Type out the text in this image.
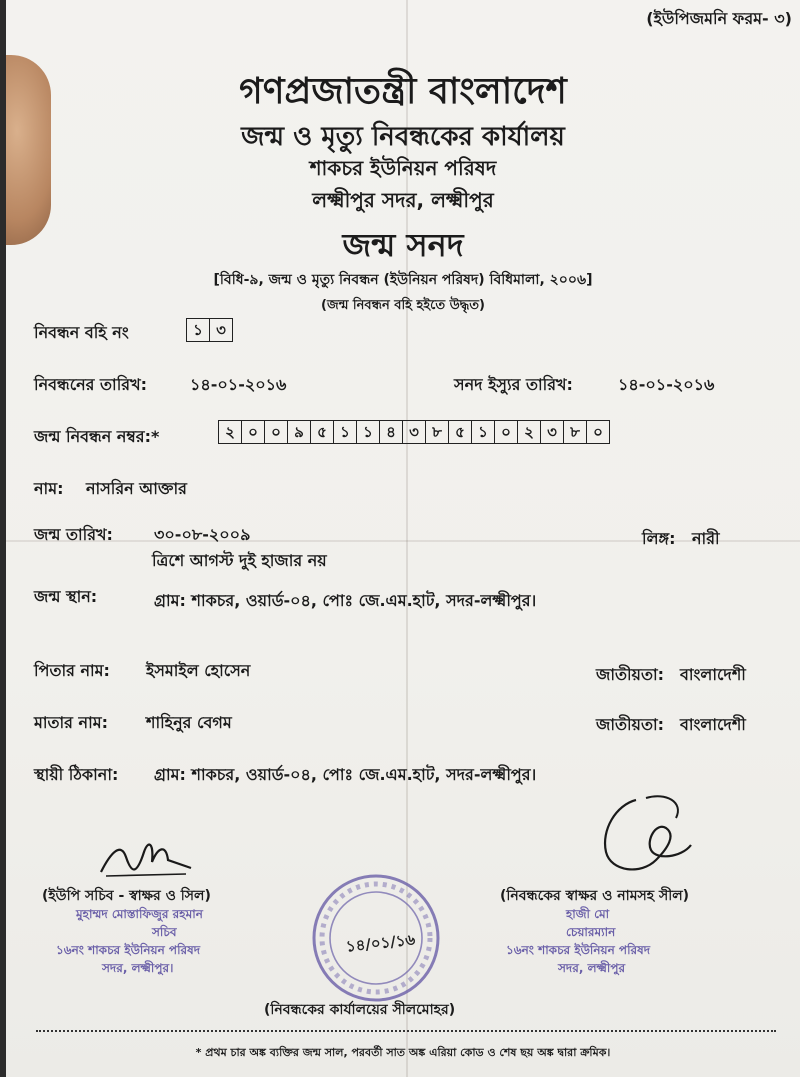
(ইউপিজমনি ফরম- ৩)
গণপ্রজাতন্ত্রী বাংলাদেশ
জন্ম ও মৃত্যু নিবন্ধকের কার্যালয়
শাকচর ইউনিয়ন পরিষদ
লক্ষ্মীপুর সদর, লক্ষ্মীপুর
জন্ম সনদ
[বিধি-৯, জন্ম ও মৃত্যু নিবন্ধন (ইউনিয়ন পরিষদ) বিধিমালা, ২০০৬]
(জন্ম নিবন্ধন বহি হইতে উদ্ধৃত)
নিবন্ধন বহি নং	১ ৩
নিবন্ধনের তারিখ:	১৪-০১-২০১৬	সনদ ইস্যুর তারিখ:	১৪-০১-২০১৬
জন্ম নিবন্ধন নম্বর:*	২ ০ ০ ৯ ৫ ১ ১ ৪ ৩ ৮ ৫ ১ ০ ২ ৩ ৮ ০
নাম: নাসরিন আক্তার
জন্ম তারিখ:	৩০-০৮-২০০৯	লিঙ্গ: নারী
ত্রিশে আগস্ট দুই হাজার নয়
জন্ম স্থান:	গ্রাম: শাকচর, ওয়ার্ড-০৪, পোঃ জে.এম.হাট, সদর-লক্ষ্মীপুর।
পিতার নাম: ইসমাইল হোসেন	জাতীয়তা: বাংলাদেশী
মাতার নাম: শাহিনুর বেগম	জাতীয়তা: বাংলাদেশী
স্থায়ী ঠিকানা: গ্রাম: শাকচর, ওয়ার্ড-০৪, পোঃ জে.এম.হাট, সদর-লক্ষ্মীপুর।
(ইউপি সচিব - স্বাক্ষর ও সিল)
মুহাম্মদ মোস্তাফিজুর রহমান
সচিব
১৬নং শাকচর ইউনিয়ন পরিষদ
সদর, লক্ষ্মীপুর।
(নিবন্ধকের স্বাক্ষর ও নামসহ সীল)
হাজী মো
চেয়ারম্যান
১৬নং শাকচর ইউনিয়ন পরিষদ
সদর, লক্ষ্মীপুর
১৪/০১/১৬
(নিবন্ধকের কার্যালয়ের সীলমোহর)
* প্রথম চার অঙ্ক ব্যক্তির জন্ম সাল, পরবর্তী সাত অঙ্ক এরিয়া কোড ও শেষ ছয় অঙ্ক দ্বারা ক্রমিক।
